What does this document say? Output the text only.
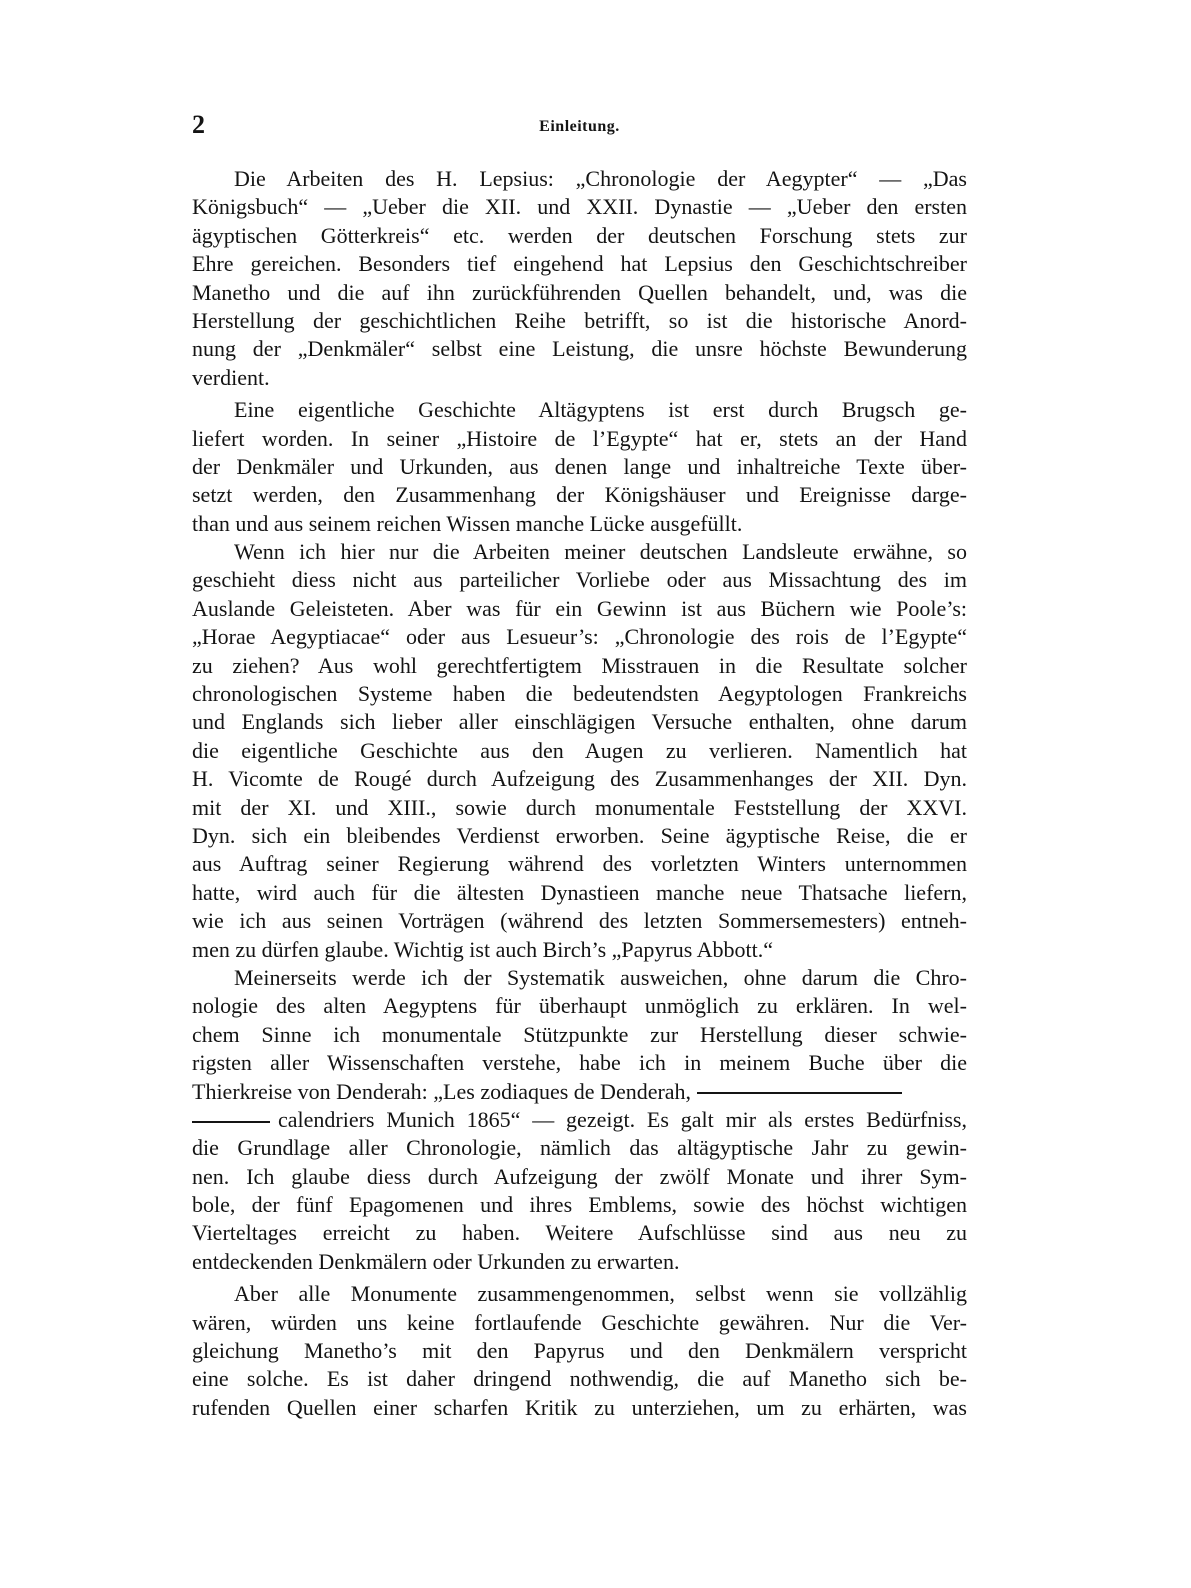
2	Einleitung.
Die Arbeiten des H. Lepsius: „Chronologie der Aegypter“ — „Das
Königsbuch“ — „Ueber die XII. und XXII. Dynastie — „Ueber den ersten
ägyptischen Götterkreis“ etc. werden der deutschen Forschung stets zur
Ehre gereichen. Besonders tief eingehend hat Lepsius den Geschichtschreiber
Manetho und die auf ihn zurückführenden Quellen behandelt, und, was die
Herstellung der geschichtlichen Reihe betrifft, so ist die historische Anord-
nung der „Denkmäler“ selbst eine Leistung, die unsre höchste Bewunderung
verdient.
Eine eigentliche Geschichte Altägyptens ist erst durch Brugsch ge-
liefert worden. In seiner „Histoire de l’Egypte“ hat er, stets an der Hand
der Denkmäler und Urkunden, aus denen lange und inhaltreiche Texte über-
setzt werden, den Zusammenhang der Königshäuser und Ereignisse darge-
than und aus seinem reichen Wissen manche Lücke ausgefüllt.
Wenn ich hier nur die Arbeiten meiner deutschen Landsleute erwähne, so
geschieht diess nicht aus parteilicher Vorliebe oder aus Missachtung des im
Auslande Geleisteten. Aber was für ein Gewinn ist aus Büchern wie Poole’s:
„Horae Aegyptiacae“ oder aus Lesueur’s: „Chronologie des rois de l’Egypte“
zu ziehen? Aus wohl gerechtfertigtem Misstrauen in die Resultate solcher
chronologischen Systeme haben die bedeutendsten Aegyptologen Frankreichs
und Englands sich lieber aller einschlägigen Versuche enthalten, ohne darum
die eigentliche Geschichte aus den Augen zu verlieren. Namentlich hat
H. Vicomte de Rougé durch Aufzeigung des Zusammenhanges der XII. Dyn.
mit der XI. und XIII., sowie durch monumentale Feststellung der XXVI.
Dyn. sich ein bleibendes Verdienst erworben. Seine ägyptische Reise, die er
aus Auftrag seiner Regierung während des vorletzten Winters unternommen
hatte, wird auch für die ältesten Dynastieen manche neue Thatsache liefern,
wie ich aus seinen Vorträgen (während des letzten Sommersemesters) entneh-
men zu dürfen glaube. Wichtig ist auch Birch’s „Papyrus Abbott.“
Meinerseits werde ich der Systematik ausweichen, ohne darum die Chro-
nologie des alten Aegyptens für überhaupt unmöglich zu erklären. In wel-
chem Sinne ich monumentale Stützpunkte zur Herstellung dieser schwie-
rigsten aller Wissenschaften verstehe, habe ich in meinem Buche über die
Thierkreise von Denderah: „Les zodiaques de Denderah,
calendriers Munich 1865“ — gezeigt. Es galt mir als erstes Bedürfniss,
die Grundlage aller Chronologie, nämlich das altägyptische Jahr zu gewin-
nen. Ich glaube diess durch Aufzeigung der zwölf Monate und ihrer Sym-
bole, der fünf Epagomenen und ihres Emblems, sowie des höchst wichtigen
Vierteltages erreicht zu haben. Weitere Aufschlüsse sind aus neu zu
entdeckenden Denkmälern oder Urkunden zu erwarten.
Aber alle Monumente zusammengenommen, selbst wenn sie vollzählig
wären, würden uns keine fortlaufende Geschichte gewähren. Nur die Ver-
gleichung Manetho’s mit den Papyrus und den Denkmälern verspricht
eine solche. Es ist daher dringend nothwendig, die auf Manetho sich be-
rufenden Quellen einer scharfen Kritik zu unterziehen, um zu erhärten, was
